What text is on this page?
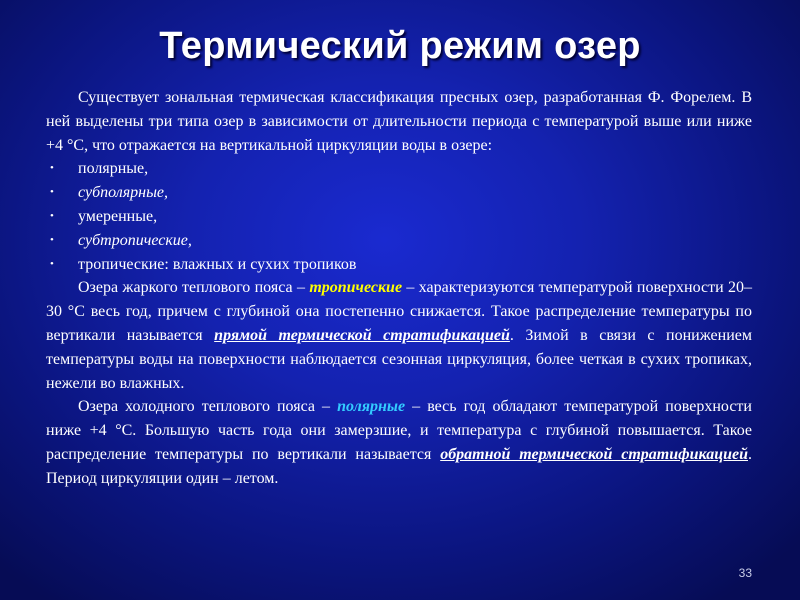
Термический режим озер

Существует зональная термическая классификация пресных озер, разработанная Ф. Форелем. В ней выделены три типа озер в зависимости от длительности периода с температурой выше или ниже +4 °С, что отражается на вертикальной циркуляции воды в озере:

• полярные,
• субполярные,
• умеренные,
• субтропические,
• тропические: влажных и сухих тропиков

Озера жаркого теплового пояса – тропические – характеризуются температурой поверхности 20–30 °С весь год, причем с глубиной она постепенно снижается. Такое распределение температуры по вертикали называется прямой термической стратификацией. Зимой в связи с понижением температуры воды на поверхности наблюдается сезонная циркуляция, более четкая в сухих тропиках, нежели во влажных.

Озера холодного теплового пояса – полярные – весь год обладают температурой поверхности ниже +4 °С. Большую часть года они замерзшие, и температура с глубиной повышается. Такое распределение температуры по вертикали называется обратной термической стратификацией. Период циркуляции один – летом.

33
